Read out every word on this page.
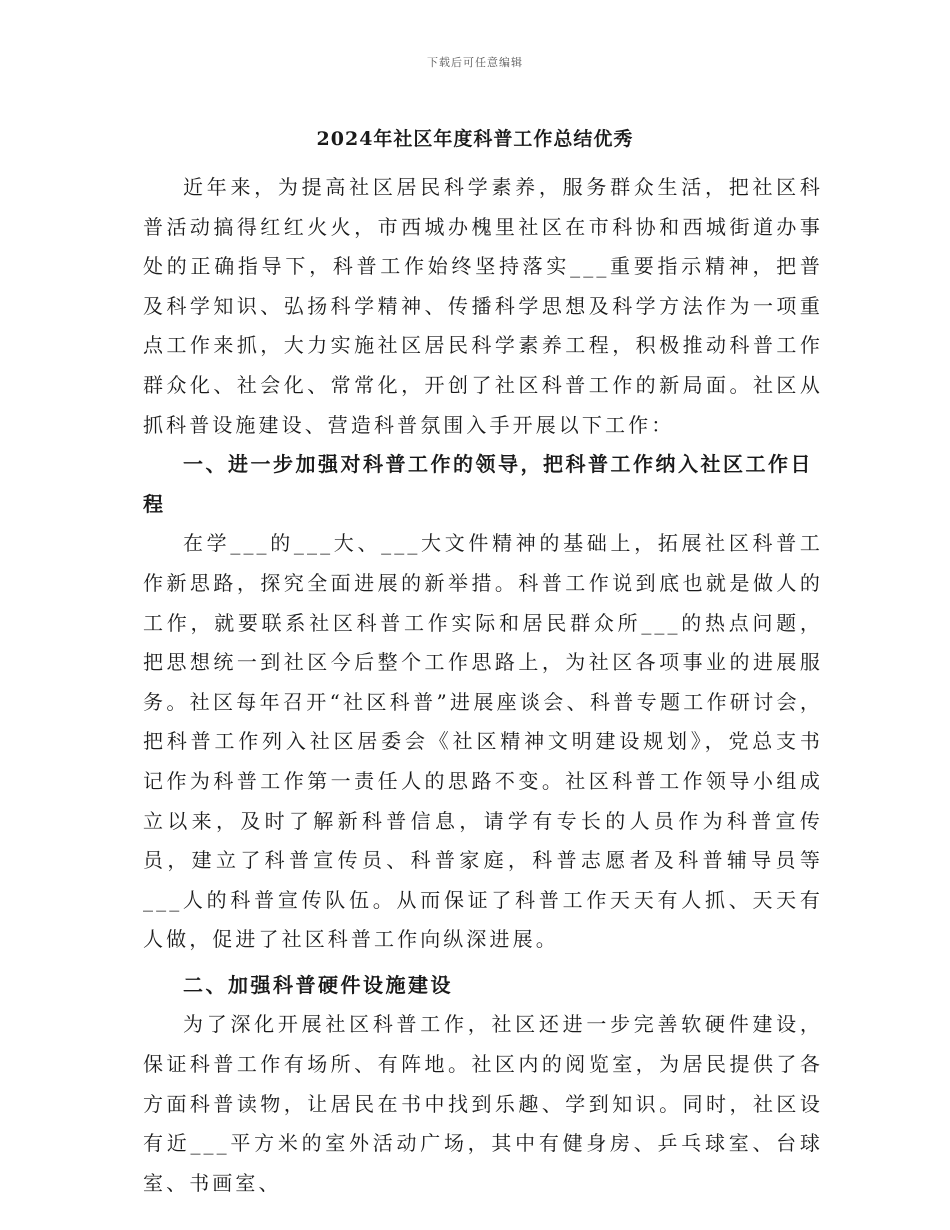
下载后可任意编辑
2024年社区年度科普工作总结优秀

近年来，为提高社区居民科学素养，服务群众生活，把社区科普活动搞得红红火火，市西城办槐里社区在市科协和西城街道办事处的正确指导下，科普工作始终坚持落实___重要指示精神，把普及科学知识、弘扬科学精神、传播科学思想及科学方法作为一项重点工作来抓，大力实施社区居民科学素养工程，积极推动科普工作群众化、社会化、常常化，开创了社区科普工作的新局面。社区从抓科普设施建设、营造科普氛围入手开展以下工作：

一、进一步加强对科普工作的领导，把科普工作纳入社区工作日程

在学___的___大、___大文件精神的基础上，拓展社区科普工作新思路，探究全面进展的新举措。科普工作说到底也就是做人的工作，就要联系社区科普工作实际和居民群众所___的热点问题，把思想统一到社区今后整个工作思路上，为社区各项事业的进展服务。社区每年召开“社区科普”进展座谈会、科普专题工作研讨会，把科普工作列入社区居委会《社区精神文明建设规划》，党总支书记作为科普工作第一责任人的思路不变。社区科普工作领导小组成立以来，及时了解新科普信息，请学有专长的人员作为科普宣传员，建立了科普宣传员、科普家庭，科普志愿者及科普辅导员等___人的科普宣传队伍。从而保证了科普工作天天有人抓、天天有人做，促进了社区科普工作向纵深进展。

二、加强科普硬件设施建设

为了深化开展社区科普工作，社区还进一步完善软硬件建设，保证科普工作有场所、有阵地。社区内的阅览室，为居民提供了各方面科普读物，让居民在书中找到乐趣、学到知识。同时，社区设有近___平方米的室外活动广场，其中有健身房、乒乓球室、台球室、书画室、
